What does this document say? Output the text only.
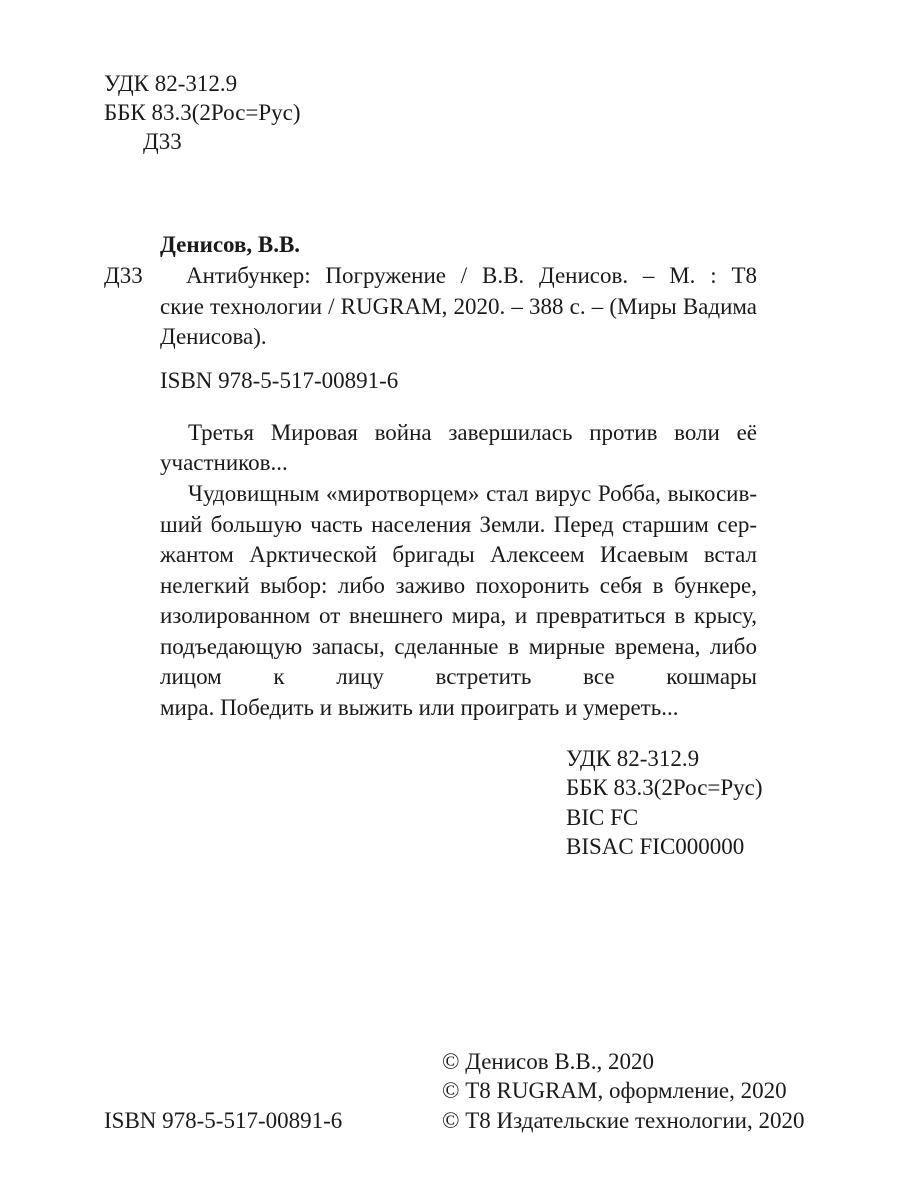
УДК 82-312.9
ББК 83.3(2Рос=Рус)
Д33
Денисов, В.В.
Д33 Антибункер: Погружение / В.В. Денисов. – М. : Т8
ские технологии / RUGRAM, 2020. – 388 с. – (Миры Вадима
Денисова).
ISBN 978-5-517-00891-6
Третья Мировая война завершилась против воли её
участников...
Чудовищным «миротворцем» стал вирус Робба, выкосив-
ший большую часть населения Земли. Перед старшим сер-
жантом Арктической бригады Алексеем Исаевым встал
нелегкий выбор: либо заживо похоронить себя в бункере,
изолированном от внешнего мира, и превратиться в крысу,
подъедающую запасы, сделанные в мирные времена, либо
лицом к лицу встретить все кошмары
мира. Победить и выжить или проиграть и умереть...
УДК 82-312.9
ББК 83.3(2Рос=Рус)
BIC FC
BISAC FIC000000
© Денисов В.В., 2020
© Т8 RUGRAM, оформление, 2020
ISBN 978-5-517-00891-6	© Т8 Издательские технологии, 2020
